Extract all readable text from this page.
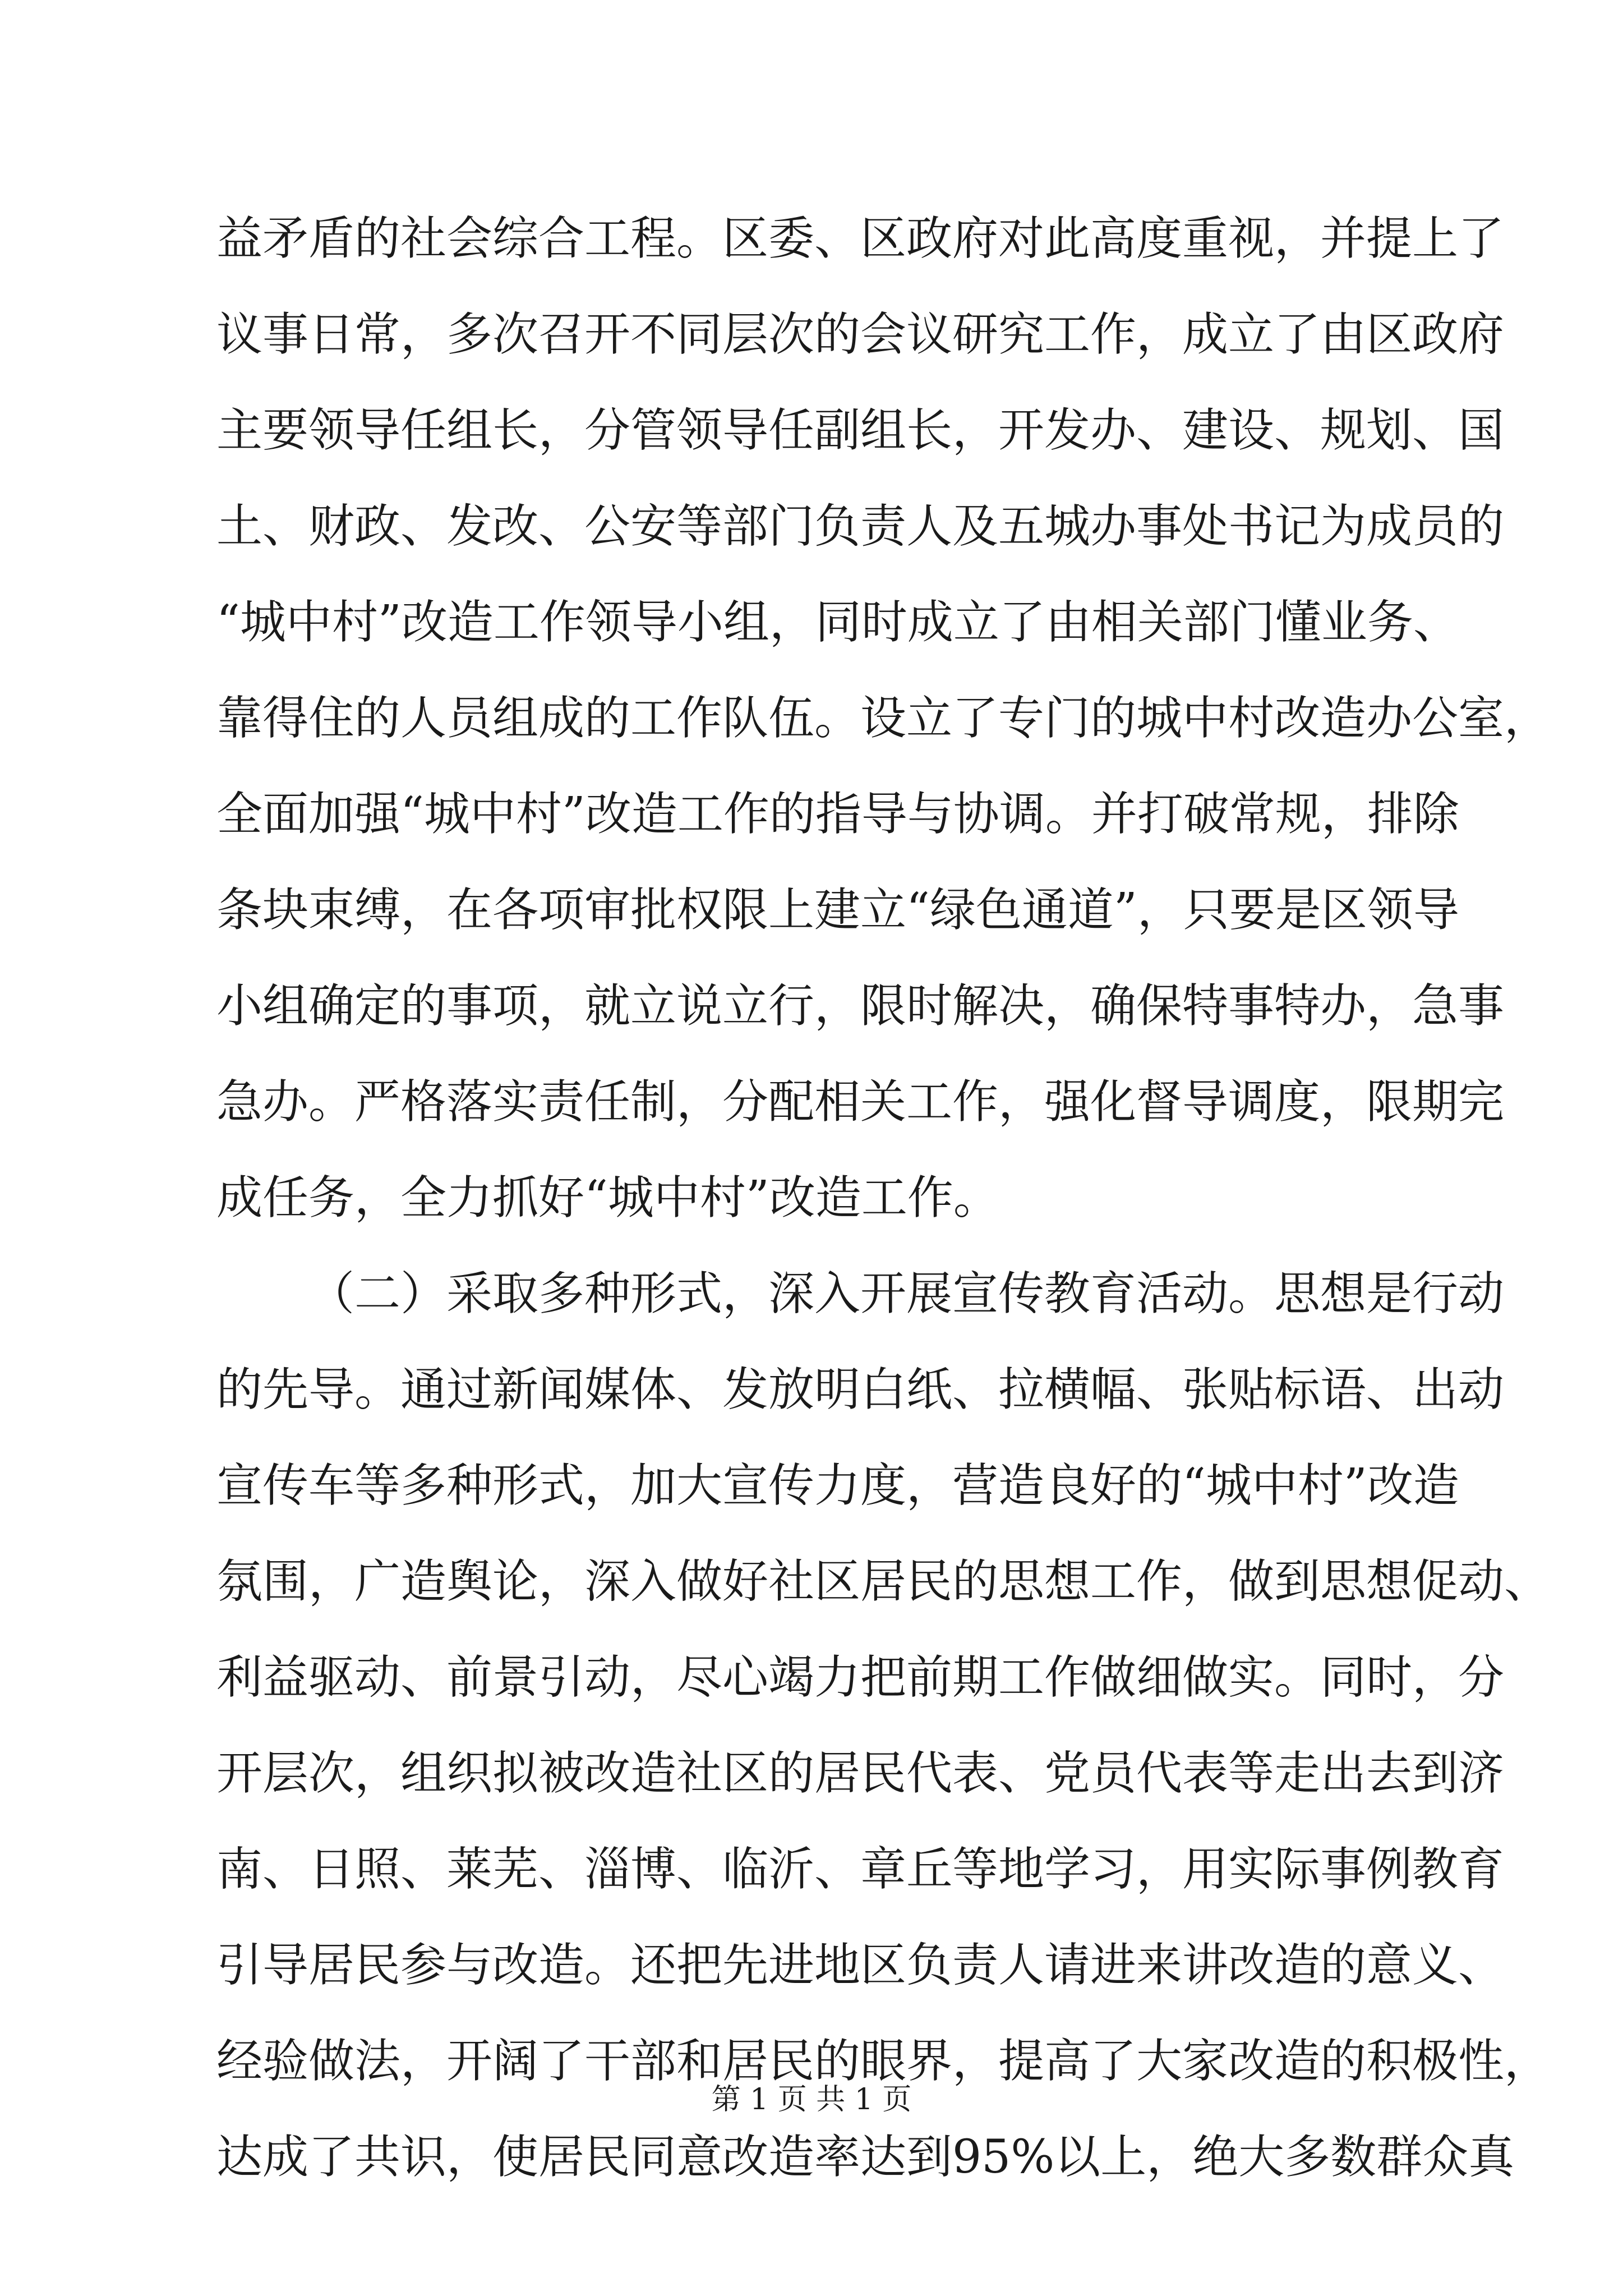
益矛盾的社会综合工程。区委、区政府对此高度重视，并提上了
议事日常，多次召开不同层次的会议研究工作，成立了由区政府
主要领导任组长，分管领导任副组长，开发办、建设、规划、国
土、财政、发改、公安等部门负责人及五城办事处书记为成员的
“城中村”改造工作领导小组，同时成立了由相关部门懂业务、
靠得住的人员组成的工作队伍。设立了专门的城中村改造办公室，
全面加强“城中村”改造工作的指导与协调。并打破常规，排除
条块束缚，在各项审批权限上建立“绿色通道”，只要是区领导
小组确定的事项，就立说立行，限时解决，确保特事特办，急事
急办。严格落实责任制，分配相关工作，强化督导调度，限期完
成任务，全力抓好“城中村”改造工作。
（二）采取多种形式，深入开展宣传教育活动。思想是行动
的先导。通过新闻媒体、发放明白纸、拉横幅、张贴标语、出动
宣传车等多种形式，加大宣传力度，营造良好的“城中村”改造
氛围，广造舆论，深入做好社区居民的思想工作，做到思想促动、
利益驱动、前景引动，尽心竭力把前期工作做细做实。同时，分
开层次，组织拟被改造社区的居民代表、党员代表等走出去到济
南、日照、莱芜、淄博、临沂、章丘等地学习，用实际事例教育
引导居民参与改造。还把先进地区负责人请进来讲改造的意义、
经验做法，开阔了干部和居民的眼界，提高了大家改造的积极性，
达成了共识，使居民同意改造率达到95%以上，绝大多数群众真
第 1 页 共 1 页
